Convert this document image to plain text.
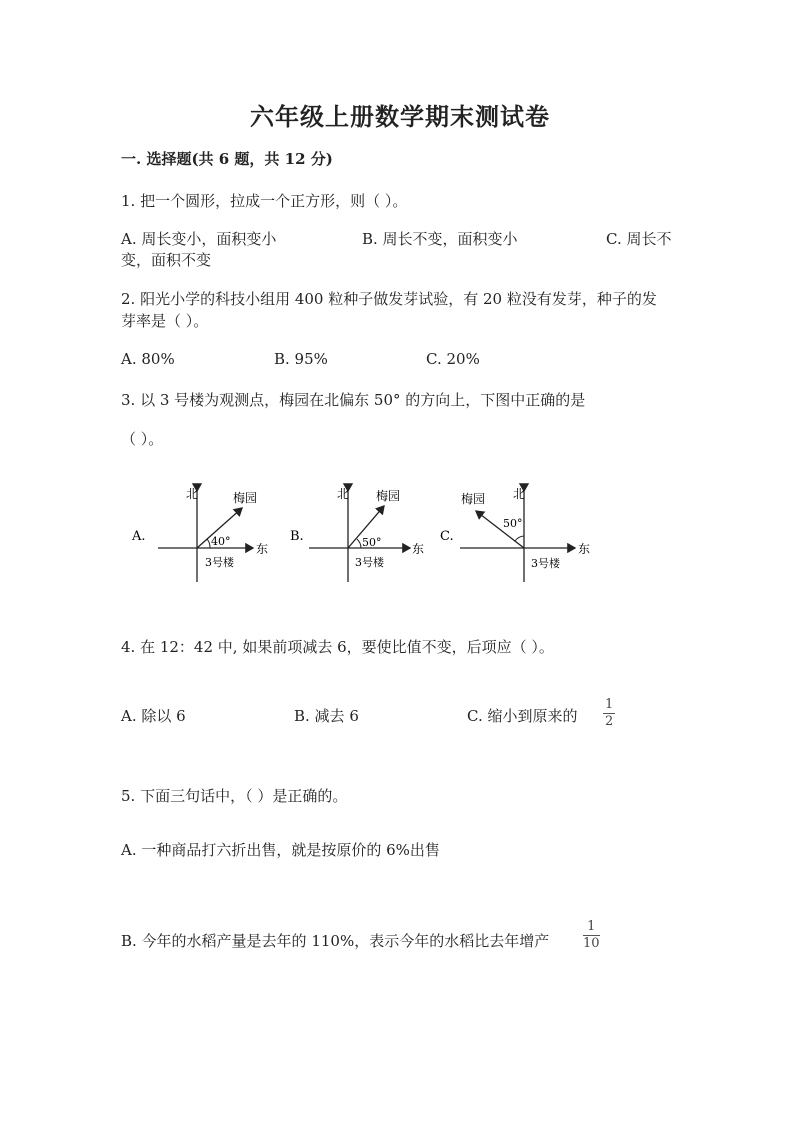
六年级上册数学期末测试卷
一. 选择题(共 6 题，共 12 分)
1. 把一个圆形，拉成一个正方形，则（ ）。
A. 周长变小，面积变小	B. 周长不变，面积变小	C. 周长不
变，面积不变
2. 阳光小学的科技小组用 400 粒种子做发芽试验，有 20 粒没有发芽，种子的发
芽率是（ ）。
A. 80%	B. 95%	C. 20%
3. 以 3 号楼为观测点，梅园在北偏东 50° 的方向上，下图中正确的是
（ ）。
A.
北	梅园
东
40°
3号楼
B.
北 梅园
东
50°
3号楼
C.
北
梅园
东
50°
3号楼
4. 在 12：42 中, 如果前项减去 6，要使比值不变，后项应（ ）。
A. 除以 6	B. 减去 6	C. 缩小到原来的 $\frac{1}{2}$
5. 下面三句话中，（ ）是正确的。
A. 一种商品打六折出售，就是按原价的 6%出售
B. 今年的水稻产量是去年的 110%，表示今年的水稻比去年增产	$\frac{1}{10}$
